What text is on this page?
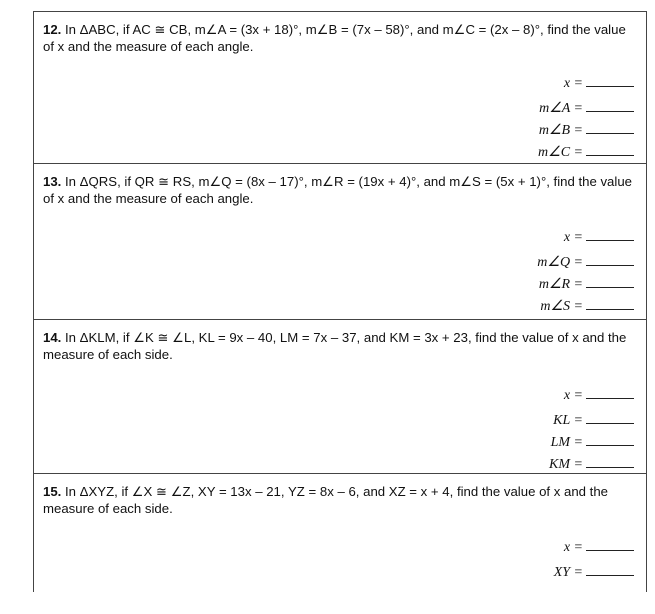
12. In ΔABC, if AC ≅ CB, m∠A = (3x + 18)°, m∠B = (7x – 58)°, and m∠C = (2x – 8)°, find the value of x and the measure of each angle.
x =
m∠A =
m∠B =
m∠C =
13. In ΔQRS, if QR ≅ RS, m∠Q = (8x – 17)°, m∠R = (19x + 4)°, and m∠S = (5x + 1)°, find the value of x and the measure of each angle.
x =
m∠Q =
m∠R =
m∠S =
14. In ΔKLM, if ∠K ≅ ∠L, KL = 9x – 40, LM = 7x – 37, and KM = 3x + 23, find the value of x and the measure of each side.
x =
KL =
LM =
KM =
15. In ΔXYZ, if ∠X ≅ ∠Z, XY = 13x – 21, YZ = 8x – 6, and XZ = x + 4, find the value of x and the measure of each side.
x =
XY =
